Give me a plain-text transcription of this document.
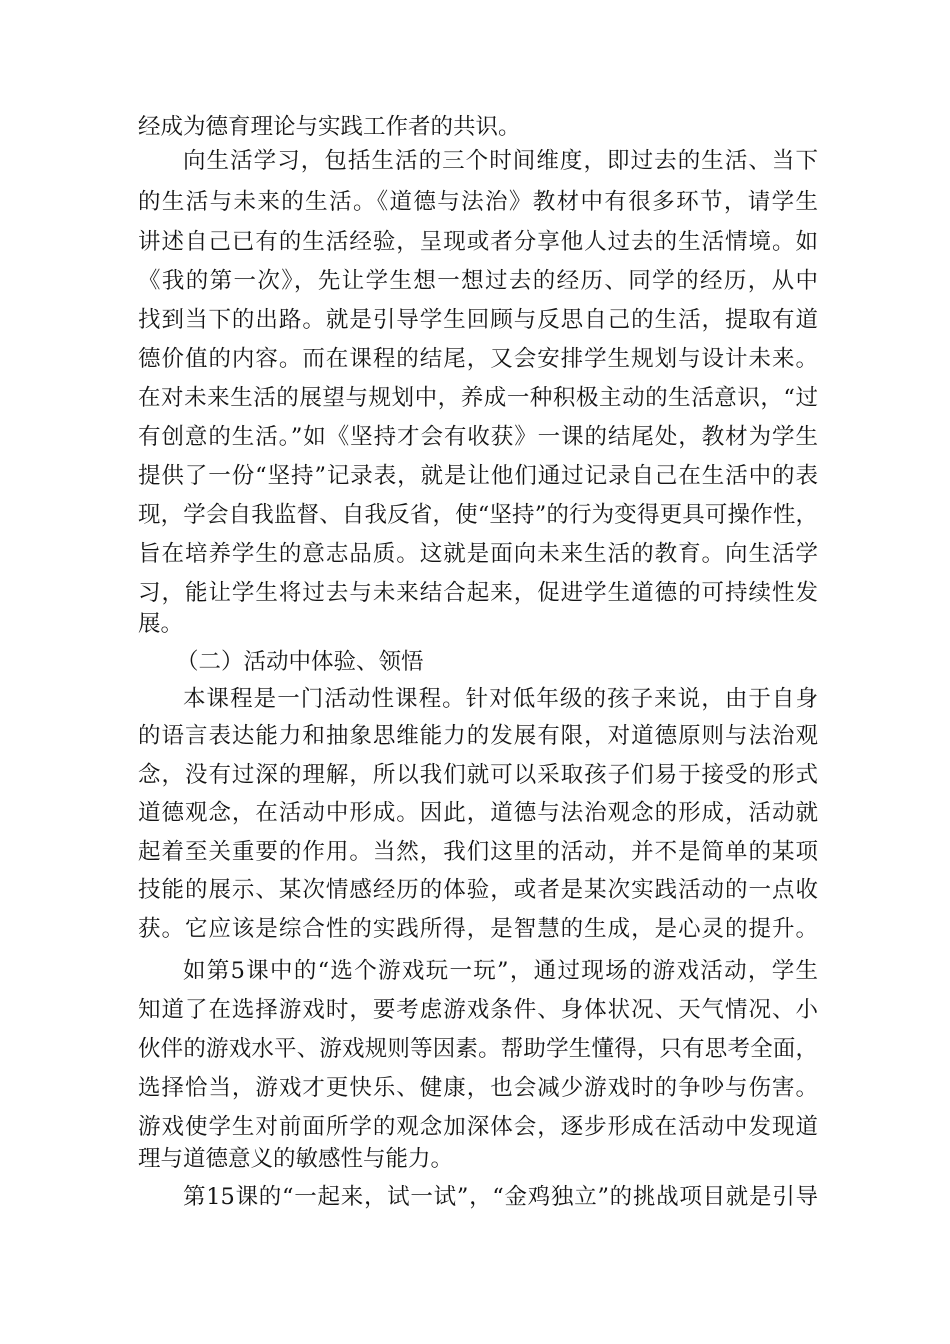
经成为德育理论与实践工作者的共识。
向生活学习，包括生活的三个时间维度，即过去的生活、当下
的生活与未来的生活。《道德与法治》教材中有很多环节，请学生
讲述自己已有的生活经验，呈现或者分享他人过去的生活情境。如
《我的第一次》，先让学生想一想过去的经历、同学的经历，从中
找到当下的出路。就是引导学生回顾与反思自己的生活，提取有道
德价值的内容。而在课程的结尾，又会安排学生规划与设计未来。
在对未来生活的展望与规划中，养成一种积极主动的生活意识，“过
有创意的生活。”如《坚持才会有收获》一课的结尾处，教材为学生
提供了一份“坚持”记录表，就是让他们通过记录自己在生活中的表
现，学会自我监督、自我反省，使“坚持”的行为变得更具可操作性，
旨在培养学生的意志品质。这就是面向未来生活的教育。向生活学
习，能让学生将过去与未来结合起来，促进学生道德的可持续性发
展。
（二）活动中体验、领悟
本课程是一门活动性课程。针对低年级的孩子来说，由于自身
的语言表达能力和抽象思维能力的发展有限，对道德原则与法治观
念，没有过深的理解，所以我们就可以采取孩子们易于接受的形式
道德观念，在活动中形成。因此，道德与法治观念的形成，活动就
起着至关重要的作用。当然，我们这里的活动，并不是简单的某项
技能的展示、某次情感经历的体验，或者是某次实践活动的一点收
获。它应该是综合性的实践所得，是智慧的生成，是心灵的提升。
如第5课中的“选个游戏玩一玩”，通过现场的游戏活动，学生
知道了在选择游戏时，要考虑游戏条件、身体状况、天气情况、小
伙伴的游戏水平、游戏规则等因素。帮助学生懂得，只有思考全面，
选择恰当，游戏才更快乐、健康，也会减少游戏时的争吵与伤害。
游戏使学生对前面所学的观念加深体会，逐步形成在活动中发现道
理与道德意义的敏感性与能力。
第15课的“一起来，试一试”，“金鸡独立”的挑战项目就是引导
